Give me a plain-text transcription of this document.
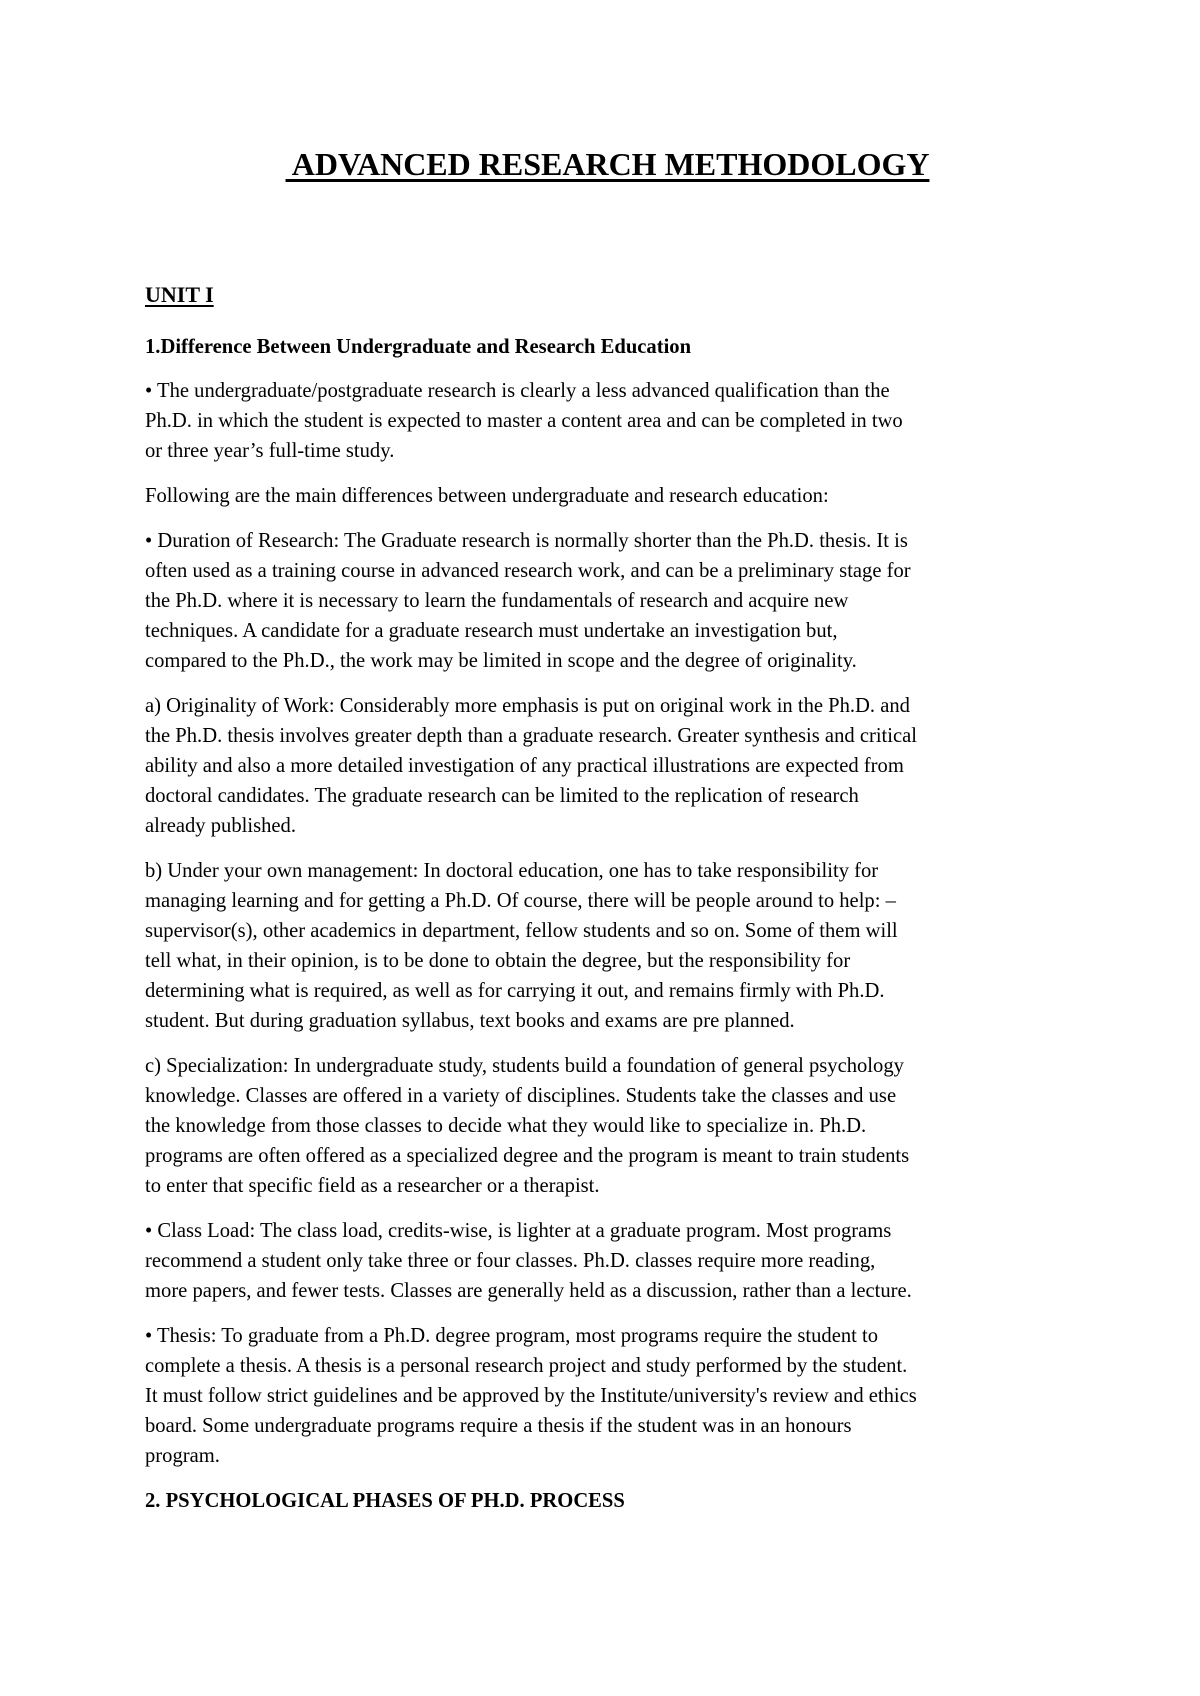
ADVANCED RESEARCH METHODOLOGY
UNIT I

1.Difference Between Undergraduate and Research Education

• The undergraduate/postgraduate research is clearly a less advanced qualification than the
Ph.D. in which the student is expected to master a content area and can be completed in two
or three year’s full-time study.

Following are the main differences between undergraduate and research education:

• Duration of Research: The Graduate research is normally shorter than the Ph.D. thesis. It is
often used as a training course in advanced research work, and can be a preliminary stage for
the Ph.D. where it is necessary to learn the fundamentals of research and acquire new
techniques. A candidate for a graduate research must undertake an investigation but,
compared to the Ph.D., the work may be limited in scope and the degree of originality.

a) Originality of Work: Considerably more emphasis is put on original work in the Ph.D. and
the Ph.D. thesis involves greater depth than a graduate research. Greater synthesis and critical
ability and also a more detailed investigation of any practical illustrations are expected from
doctoral candidates. The graduate research can be limited to the replication of research
already published.

b) Under your own management: In doctoral education, one has to take responsibility for
managing learning and for getting a Ph.D. Of course, there will be people around to help: –
supervisor(s), other academics in department, fellow students and so on. Some of them will
tell what, in their opinion, is to be done to obtain the degree, but the responsibility for
determining what is required, as well as for carrying it out, and remains firmly with Ph.D.
student. But during graduation syllabus, text books and exams are pre planned.

c) Specialization: In undergraduate study, students build a foundation of general psychology
knowledge. Classes are offered in a variety of disciplines. Students take the classes and use
the knowledge from those classes to decide what they would like to specialize in. Ph.D.
programs are often offered as a specialized degree and the program is meant to train students
to enter that specific field as a researcher or a therapist.

• Class Load: The class load, credits-wise, is lighter at a graduate program. Most programs
recommend a student only take three or four classes. Ph.D. classes require more reading,
more papers, and fewer tests. Classes are generally held as a discussion, rather than a lecture.

• Thesis: To graduate from a Ph.D. degree program, most programs require the student to
complete a thesis. A thesis is a personal research project and study performed by the student.
It must follow strict guidelines and be approved by the Institute/university's review and ethics
board. Some undergraduate programs require a thesis if the student was in an honours
program.

2. PSYCHOLOGICAL PHASES OF PH.D. PROCESS
